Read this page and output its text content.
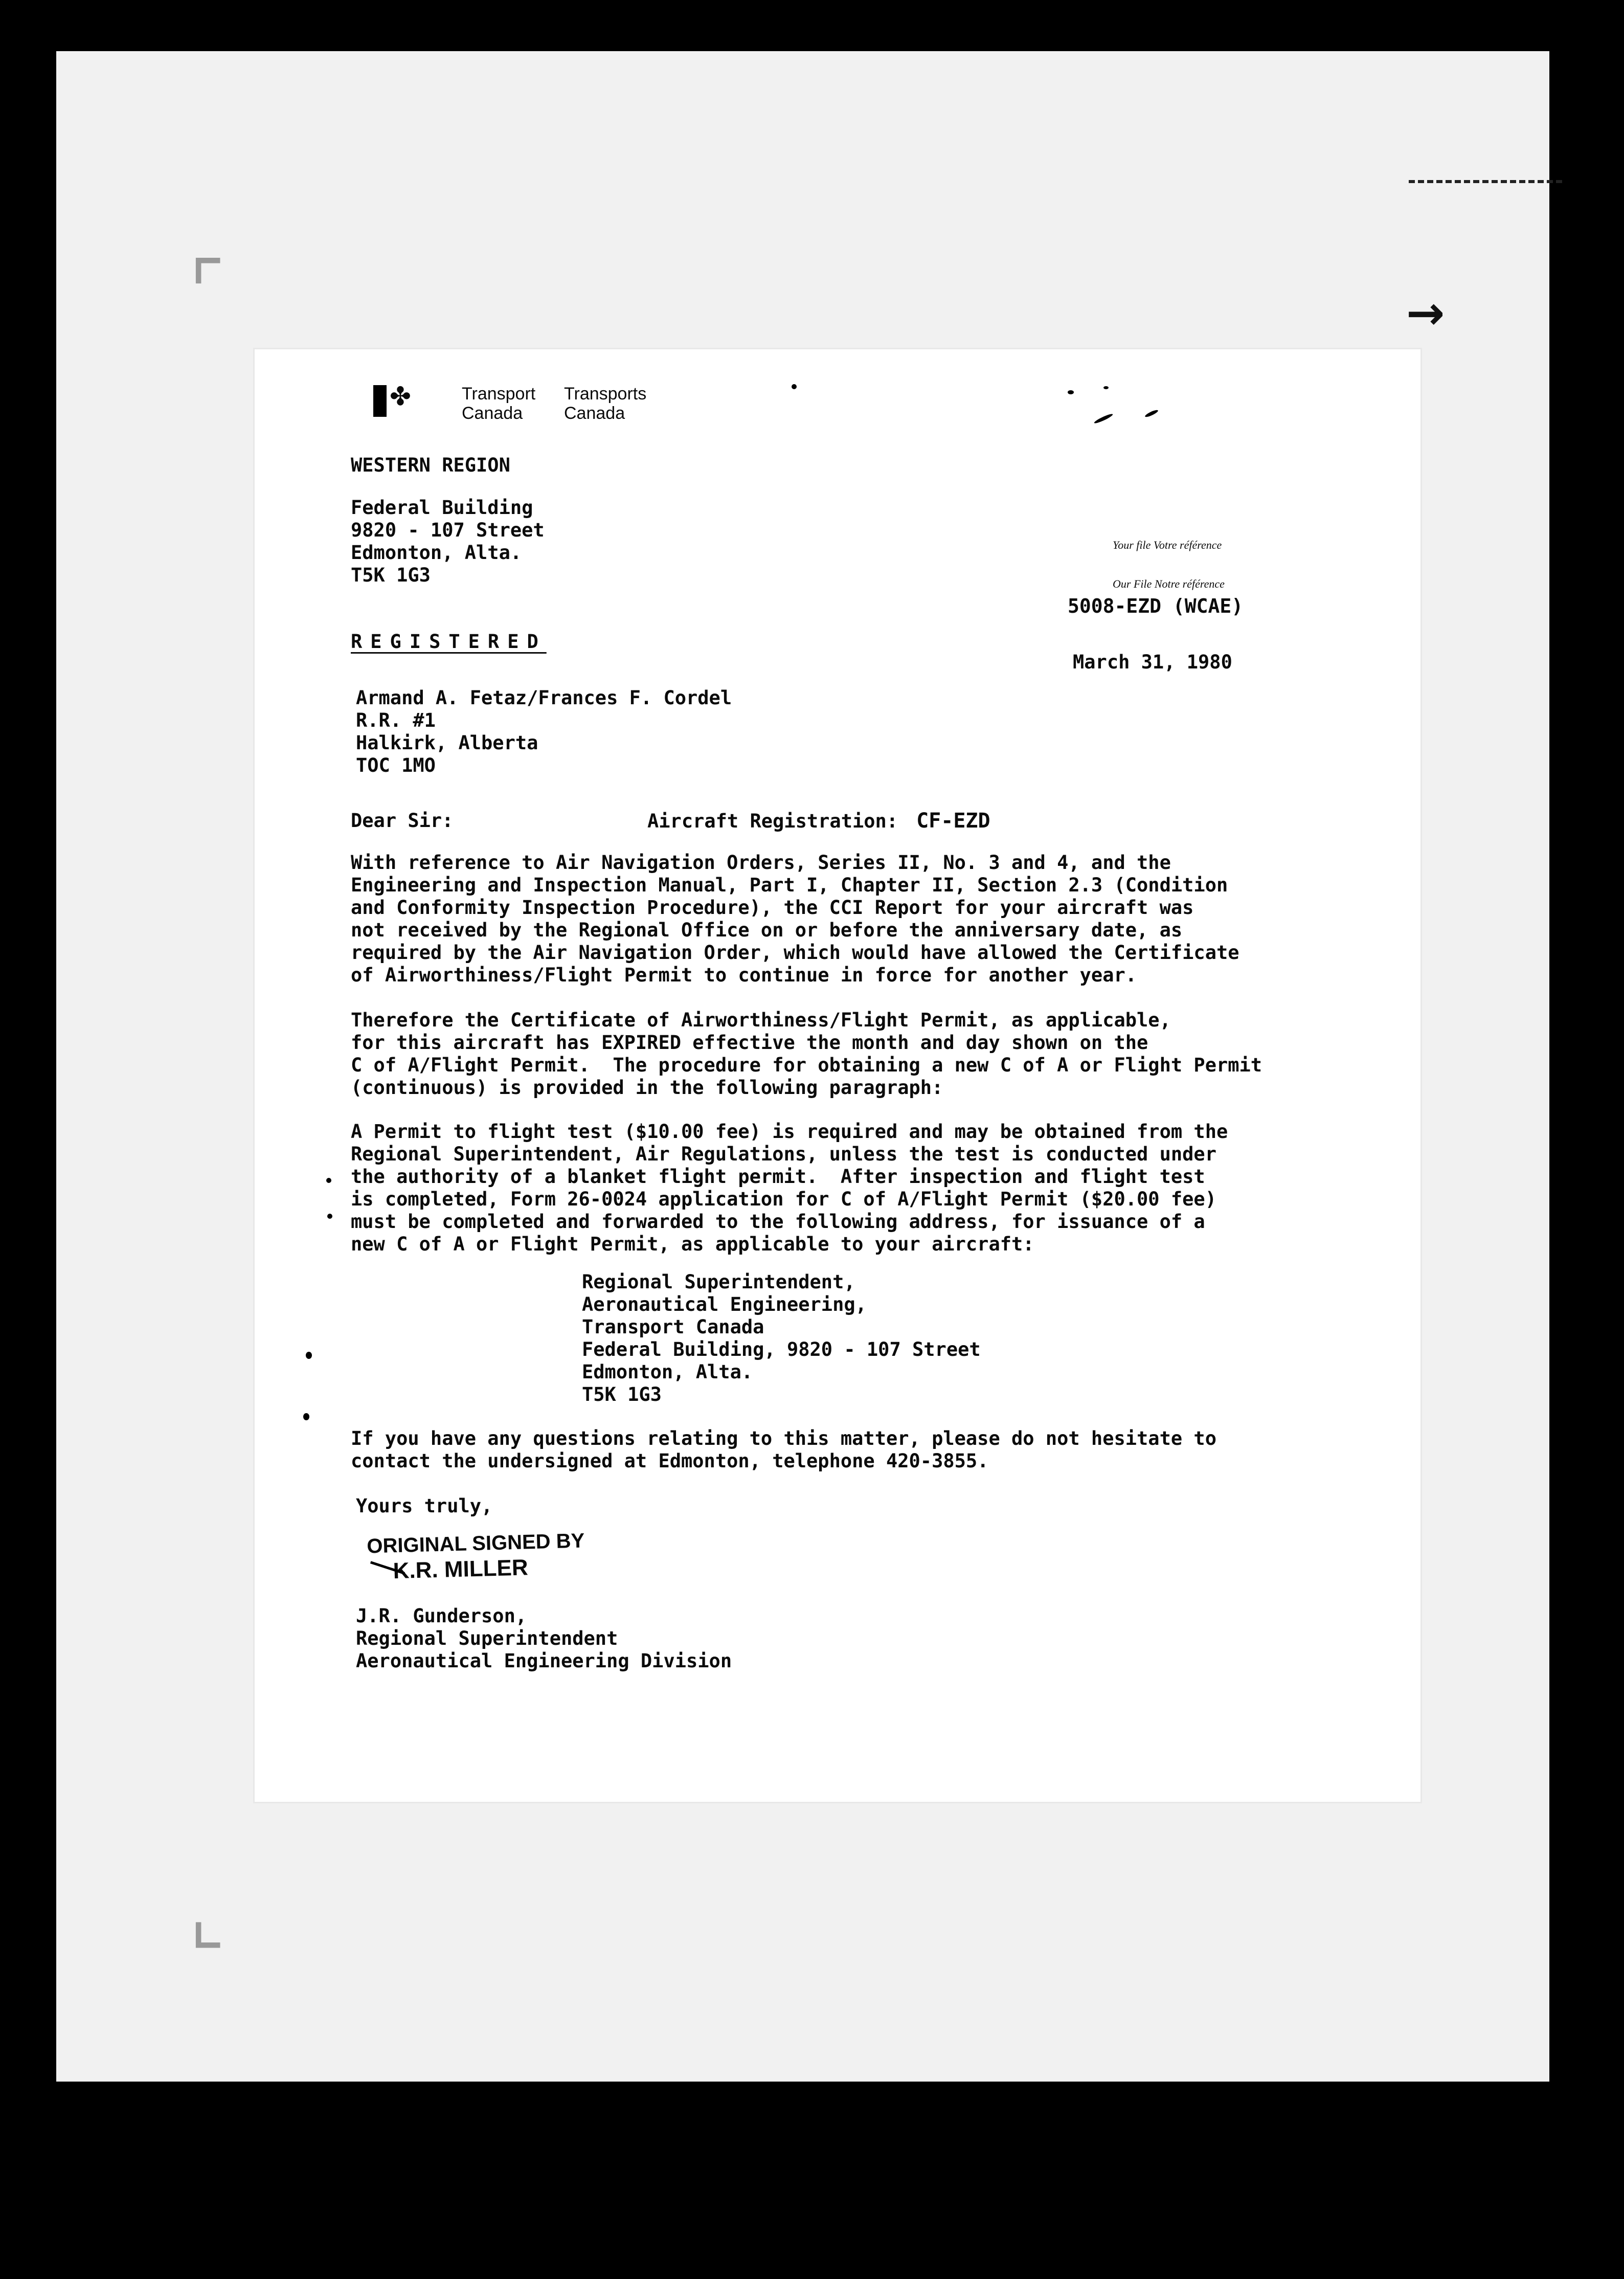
⌜
⌞
→
✤	Transport
Canada
Transports
Canada

WESTERN REGION

Federal Building
9820 - 107 Street
Edmonton, Alta.
T5K 1G3
Your file Votre référence
Our File Notre référence
5008-EZD (WCAE)

REGISTERED

March 31, 1980

Armand A. Fetaz/Frances F. Cordel
R.R. #1
Halkirk, Alberta
TOC 1MO

Dear Sir:	Aircraft Registration: CF-EZD

With reference to Air Navigation Orders, Series II, No. 3 and 4, and the
Engineering and Inspection Manual, Part I, Chapter II, Section 2.3 (Condition
and Conformity Inspection Procedure), the CCI Report for your aircraft was
not received by the Regional Office on or before the anniversary date, as
required by the Air Navigation Order, which would have allowed the Certificate
of Airworthiness/Flight Permit to continue in force for another year.

Therefore the Certificate of Airworthiness/Flight Permit, as applicable,
for this aircraft has EXPIRED effective the month and day shown on the
C of A/Flight Permit.  The procedure for obtaining a new C of A or Flight Permit
(continuous) is provided in the following paragraph:

A Permit to flight test ($10.00 fee) is required and may be obtained from the
Regional Superintendent, Air Regulations, unless the test is conducted under
the authority of a blanket flight permit.  After inspection and flight test
is completed, Form 26-0024 application for C of A/Flight Permit ($20.00 fee)
must be completed and forwarded to the following address, for issuance of a
new C of A or Flight Permit, as applicable to your aircraft:

Regional Superintendent,
Aeronautical Engineering,
Transport Canada
Federal Building, 9820 - 107 Street
Edmonton, Alta.
T5K 1G3

If you have any questions relating to this matter, please do not hesitate to
contact the undersigned at Edmonton, telephone 420-3855.

Yours truly,

ORIGINAL SIGNED BY
K.R. MILLER

J.R. Gunderson,
Regional Superintendent
Aeronautical Engineering Division
